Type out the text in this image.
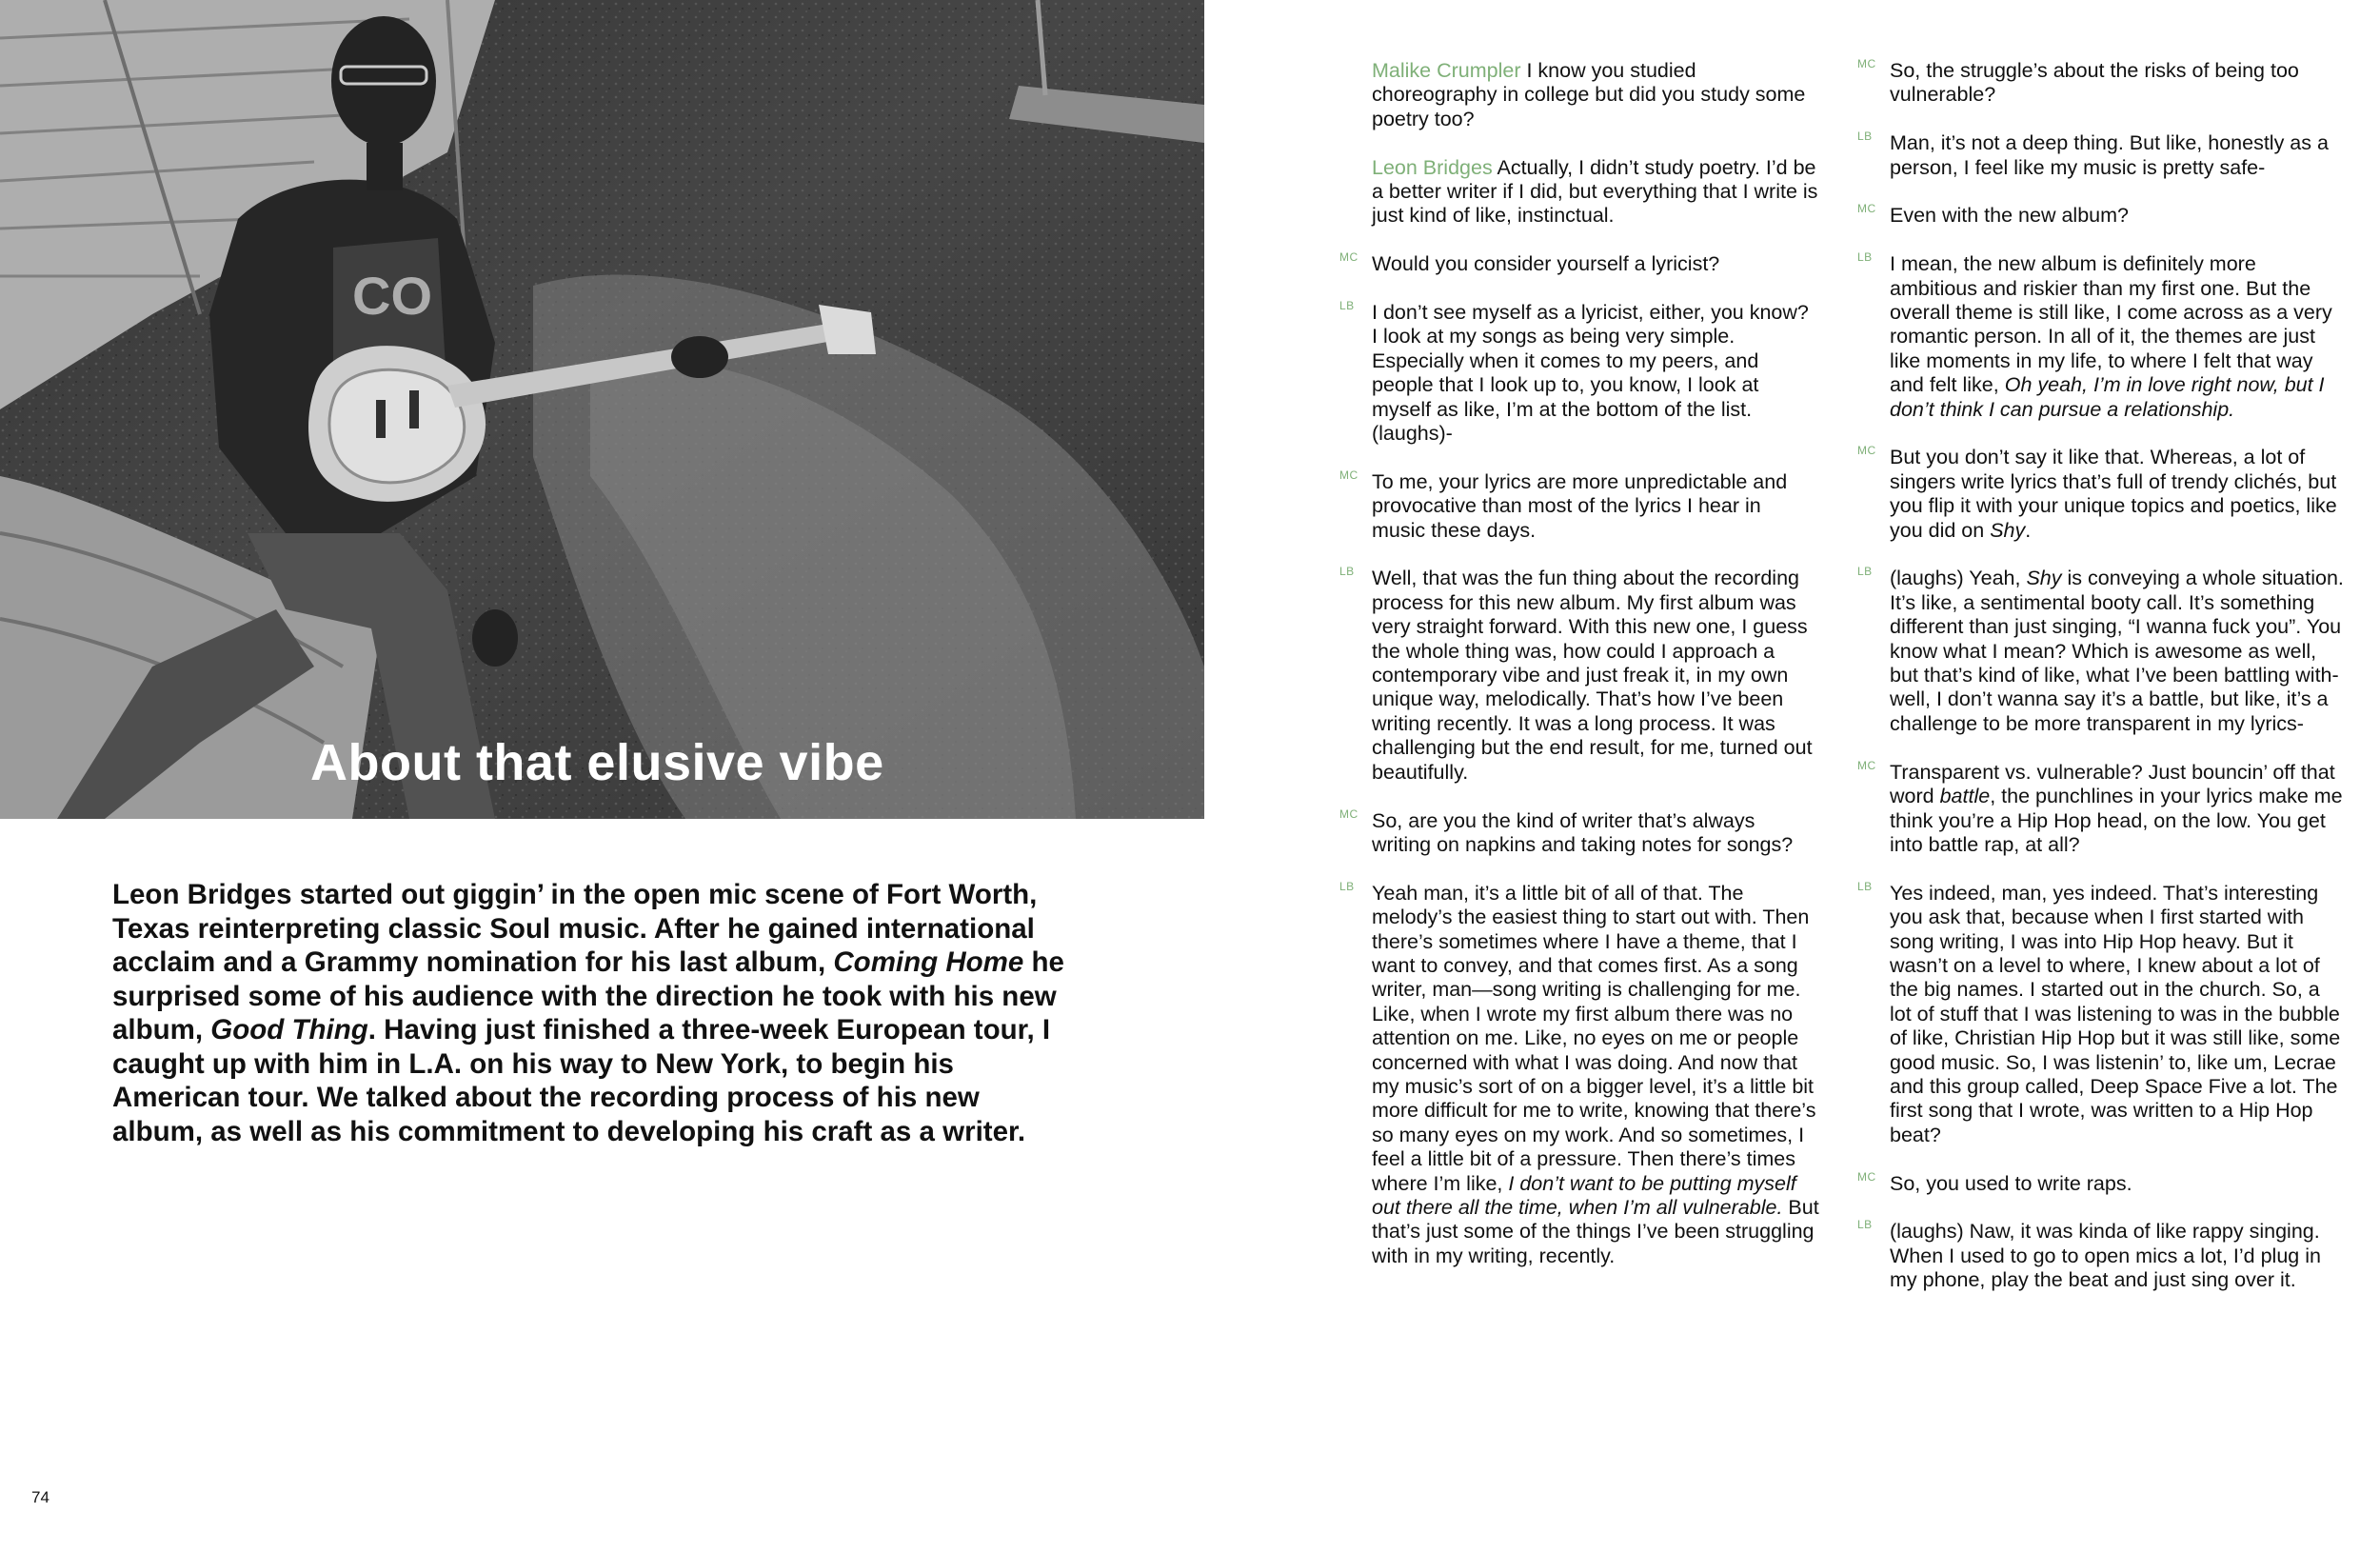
CO
About that elusive vibe
Leon Bridges started out giggin’ in the open mic scene of Fort Worth, Texas reinterpreting classic Soul music. After he gained international acclaim and a Grammy nomination for his last album, Coming Home he surprised some of his audience with the direction he took with his new album, Good Thing. Having just finished a three-week European tour, I caught up with him in L.A. on his way to New York, to begin his American tour. We talked about the recording process of his new album, as well as his commitment to developing his craft as a writer.
Malike Crumpler I know you studied choreography in college but did you study some poetry too?
Leon Bridges Actually, I didn’t study poetry. I’d be a better writer if I did, but everything that I write is just kind of like, instinctual.
MC Would you consider yourself a lyricist?
LB I don’t see myself as a lyricist, either, you know? I look at my songs as being very simple. Especially when it comes to my peers, and people that I look up to, you know, I look at myself as like, I’m at the bottom of the list. (laughs)-
MC To me, your lyrics are more unpredictable and provocative than most of the lyrics I hear in music these days.
LB Well, that was the fun thing about the recording process for this new album. My first album was very straight forward. With this new one, I guess the whole thing was, how could I approach a contemporary vibe and just freak it, in my own unique way, melodically. That’s how I’ve been writing recently. It was a long process. It was challenging but the end result, for me, turned out beautifully.
MC So, are you the kind of writer that’s always writing on napkins and taking notes for songs?
LB Yeah man, it’s a little bit of all of that. The melody’s the easiest thing to start out with. Then there’s sometimes where I have a theme, that I want to convey, and that comes first. As a song writer, man—song writing is challenging for me. Like, when I wrote my first album there was no attention on me. Like, no eyes on me or people concerned with what I was doing. And now that my music’s sort of on a bigger level, it’s a little bit more difficult for me to write, knowing that there’s so many eyes on my work. And so sometimes, I feel a little bit of a pressure. Then there’s times where I’m like, I don’t want to be putting myself out there all the time, when I’m all vulnerable. But that’s just some of the things I’ve been struggling with in my writing, recently.
MC So, the struggle’s about the risks of being too vulnerable?
LB Man, it’s not a deep thing. But like, honestly as a person, I feel like my music is pretty safe-
MC Even with the new album?
LB I mean, the new album is definitely more ambitious and riskier than my first one. But the overall theme is still like, I come across as a very romantic person. In all of it, the themes are just like moments in my life, to where I felt that way and felt like, Oh yeah, I’m in love right now, but I don’t think I can pursue a relationship.
MC But you don’t say it like that. Whereas, a lot of singers write lyrics that’s full of trendy clichés, but you flip it with your unique topics and poetics, like you did on Shy.
LB (laughs) Yeah, Shy is conveying a whole situation. It’s like, a sentimental booty call. It’s something different than just singing, “I wanna fuck you”. You know what I mean? Which is awesome as well, but that’s kind of like, what I’ve been battling with- well, I don’t wanna say it’s a battle, but like, it’s a challenge to be more transparent in my lyrics-
MC Transparent vs. vulnerable? Just bouncin’ off that word battle, the punchlines in your lyrics make me think you’re a Hip Hop head, on the low. You get into battle rap, at all?
LB Yes indeed, man, yes indeed. That’s interesting you ask that, because when I first started with song writing, I was into Hip Hop heavy. But it wasn’t on a level to where, I knew about a lot of the big names. I started out in the church. So, a lot of stuff that I was listening to was in the bubble of like, Christian Hip Hop but it was still like, some good music. So, I was listenin’ to, like um, Lecrae and this group called, Deep Space Five a lot. The first song that I wrote, was written to a Hip Hop beat?
MC So, you used to write raps.
LB (laughs) Naw, it was kinda of like rappy singing. When I used to go to open mics a lot, I’d plug in my phone, play the beat and just sing over it.
74
